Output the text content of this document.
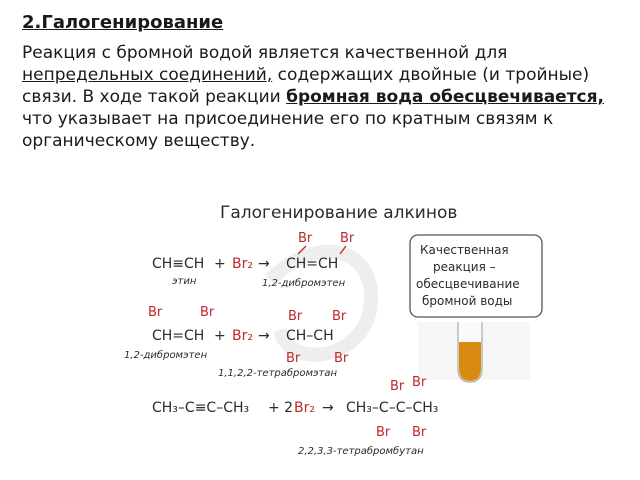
2.Галогенирование
Реакция с бромной водой является качественной для непредельных соединений, содержащих двойные (и тройные) связи. В ходе такой реакции бромная вода обесцвечивается, что указывает на присоединение его по кратным связям к органическому веществу.
Галогенирование алкинов
Br Br
CH≡CH + Br₂ → CH=CH
этин	1,2-дибромэтен
Качественная
реакция –
обесцвечивание
бромной воды
Br	Br	Br Br
CH=CH + Br₂ → CH–CH
Br	Br
1,2-дибромэтен
1,1,2,2-тетрабромэтан
Br Br
CH₃–C≡C–CH₃ + 2 Br₂ → CH₃–C–C–CH₃
Br Br
2,2,3,3-тетрабромбутан
